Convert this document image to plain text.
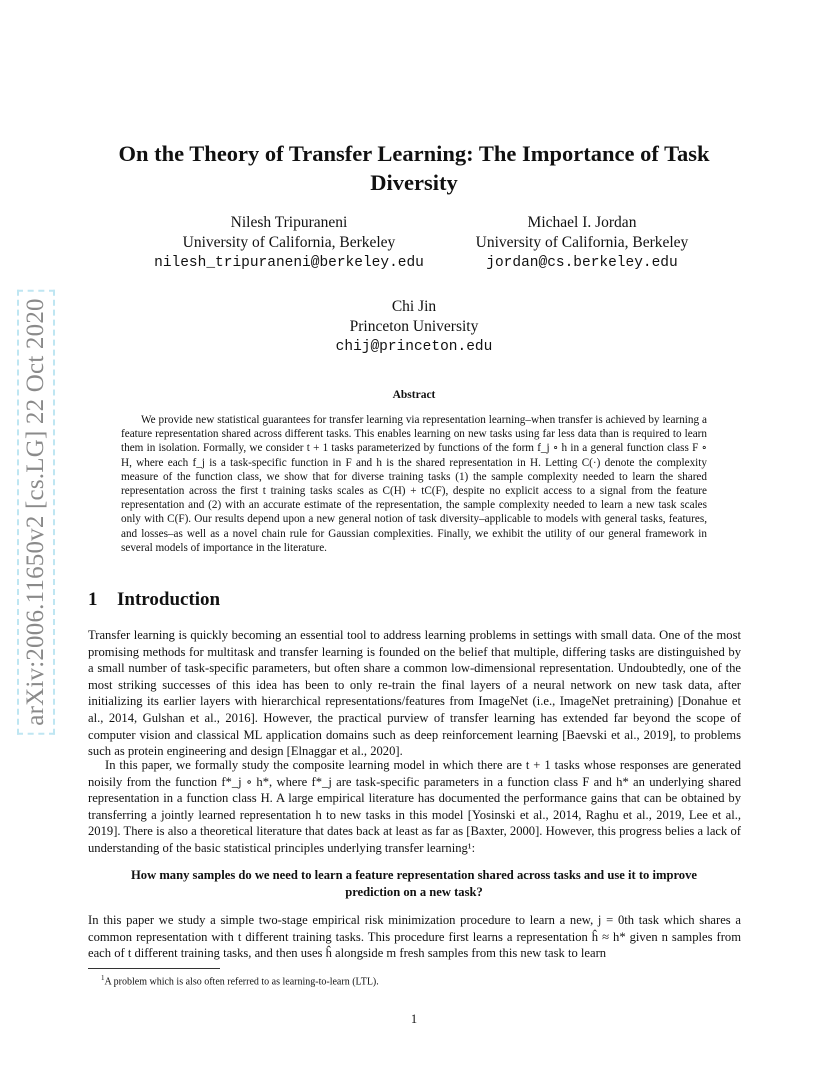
arXiv:2006.11650v2 [cs.LG] 22 Oct 2020
On the Theory of Transfer Learning: The Importance of Task Diversity
Nilesh Tripuraneni
University of California, Berkeley
nilesh_tripuraneni@berkeley.edu
Michael I. Jordan
University of California, Berkeley
jordan@cs.berkeley.edu
Chi Jin
Princeton University
chij@princeton.edu
Abstract

We provide new statistical guarantees for transfer learning via representation learning–when transfer is achieved by learning a feature representation shared across different tasks. This enables learning on new tasks using far less data than is required to learn them in isolation. Formally, we consider t + 1 tasks parameterized by functions of the form f_j ∘ h in a general function class F ∘ H, where each f_j is a task-specific function in F and h is the shared representation in H. Letting C(·) denote the complexity measure of the function class, we show that for diverse training tasks (1) the sample complexity needed to learn the shared representation across the first t training tasks scales as C(H) + tC(F), despite no explicit access to a signal from the feature representation and (2) with an accurate estimate of the representation, the sample complexity needed to learn a new task scales only with C(F). Our results depend upon a new general notion of task diversity–applicable to models with general tasks, features, and losses–as well as a novel chain rule for Gaussian complexities. Finally, we exhibit the utility of our general framework in several models of importance in the literature.

1 Introduction

Transfer learning is quickly becoming an essential tool to address learning problems in settings with small data. One of the most promising methods for multitask and transfer learning is founded on the belief that multiple, differing tasks are distinguished by a small number of task-specific parameters, but often share a common low-dimensional representation. Undoubtedly, one of the most striking successes of this idea has been to only re-train the final layers of a neural network on new task data, after initializing its earlier layers with hierarchical representations/features from ImageNet (i.e., ImageNet pretraining) [Donahue et al., 2014, Gulshan et al., 2016]. However, the practical purview of transfer learning has extended far beyond the scope of computer vision and classical ML application domains such as deep reinforcement learning [Baevski et al., 2019], to problems such as protein engineering and design [Elnaggar et al., 2020].

In this paper, we formally study the composite learning model in which there are t + 1 tasks whose responses are generated noisily from the function f*_j ∘ h*, where f*_j are task-specific parameters in a function class F and h* an underlying shared representation in a function class H. A large empirical literature has documented the performance gains that can be obtained by transferring a jointly learned representation h to new tasks in this model [Yosinski et al., 2014, Raghu et al., 2019, Lee et al., 2019]. There is also a theoretical literature that dates back at least as far as [Baxter, 2000]. However, this progress belies a lack of understanding of the basic statistical principles underlying transfer learning¹:

How many samples do we need to learn a feature representation shared across tasks and use it to improve prediction on a new task?

In this paper we study a simple two-stage empirical risk minimization procedure to learn a new, j = 0th task which shares a common representation with t different training tasks. This procedure first learns a representation ĥ ≈ h* given n samples from each of t different training tasks, and then uses ĥ alongside m fresh samples from this new task to learn

$^1$A problem which is also often referred to as learning-to-learn (LTL).
1
